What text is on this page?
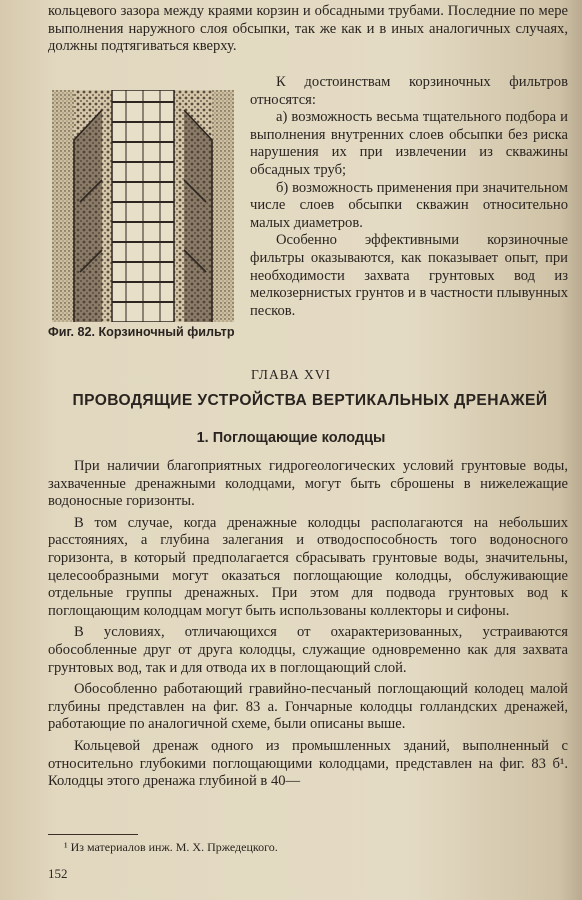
кольцевого зазора между краями корзин и обсадными трубами. Последние по мере выполнения наружного слоя обсыпки, так же как и в иных аналогичных случаях, должны подтягиваться кверху.

Фиг. 82. Корзиночный фильтр

К достоинствам корзиночных фильтров относятся:

а) возможность весьма тщательного подбора и выполнения внутренних слоев обсыпки без риска нарушения их при извлечении из скважины обсадных труб;

б) возможность применения при значительном числе слоев обсыпки скважин относительно малых диаметров.

Особенно эффективными корзиночные фильтры оказываются, как показывает опыт, при необходимости захвата грунтовых вод из мелкозернистых грунтов и в частности плывунных песков.

ГЛАВА XVI
ПРОВОДЯЩИЕ УСТРОЙСТВА ВЕРТИКАЛЬНЫХ ДРЕНАЖЕЙ
1. Поглощающие колодцы

При наличии благоприятных гидрогеологических условий грунтовые воды, захваченные дренажными колодцами, могут быть сброшены в нижележащие водоносные горизонты.

В том случае, когда дренажные колодцы располагаются на небольших расстояниях, а глубина залегания и отводоспособность того водоносного горизонта, в который предполагается сбрасывать грунтовые воды, значительны, целесообразными могут оказаться поглощающие колодцы, обслуживающие отдельные группы дренажных. При этом для подвода грунтовых вод к поглощающим колодцам могут быть использованы коллекторы и сифоны.

В условиях, отличающихся от охарактеризованных, устраиваются обособленные друг от друга колодцы, служащие одновременно как для захвата грунтовых вод, так и для отвода их в поглощающий слой.

Обособленно работающий гравийно-песчаный поглощающий колодец малой глубины представлен на фиг. 83 а. Гончарные колодцы голландских дренажей, работающие по аналогичной схеме, были описаны выше.

Кольцевой дренаж одного из промышленных зданий, выполненный с относительно глубокими поглощающими колодцами, представлен на фиг. 83 б¹. Колодцы этого дренажа глубиной в 40—

¹ Из материалов инж. М. Х. Пржедецкого.
152
